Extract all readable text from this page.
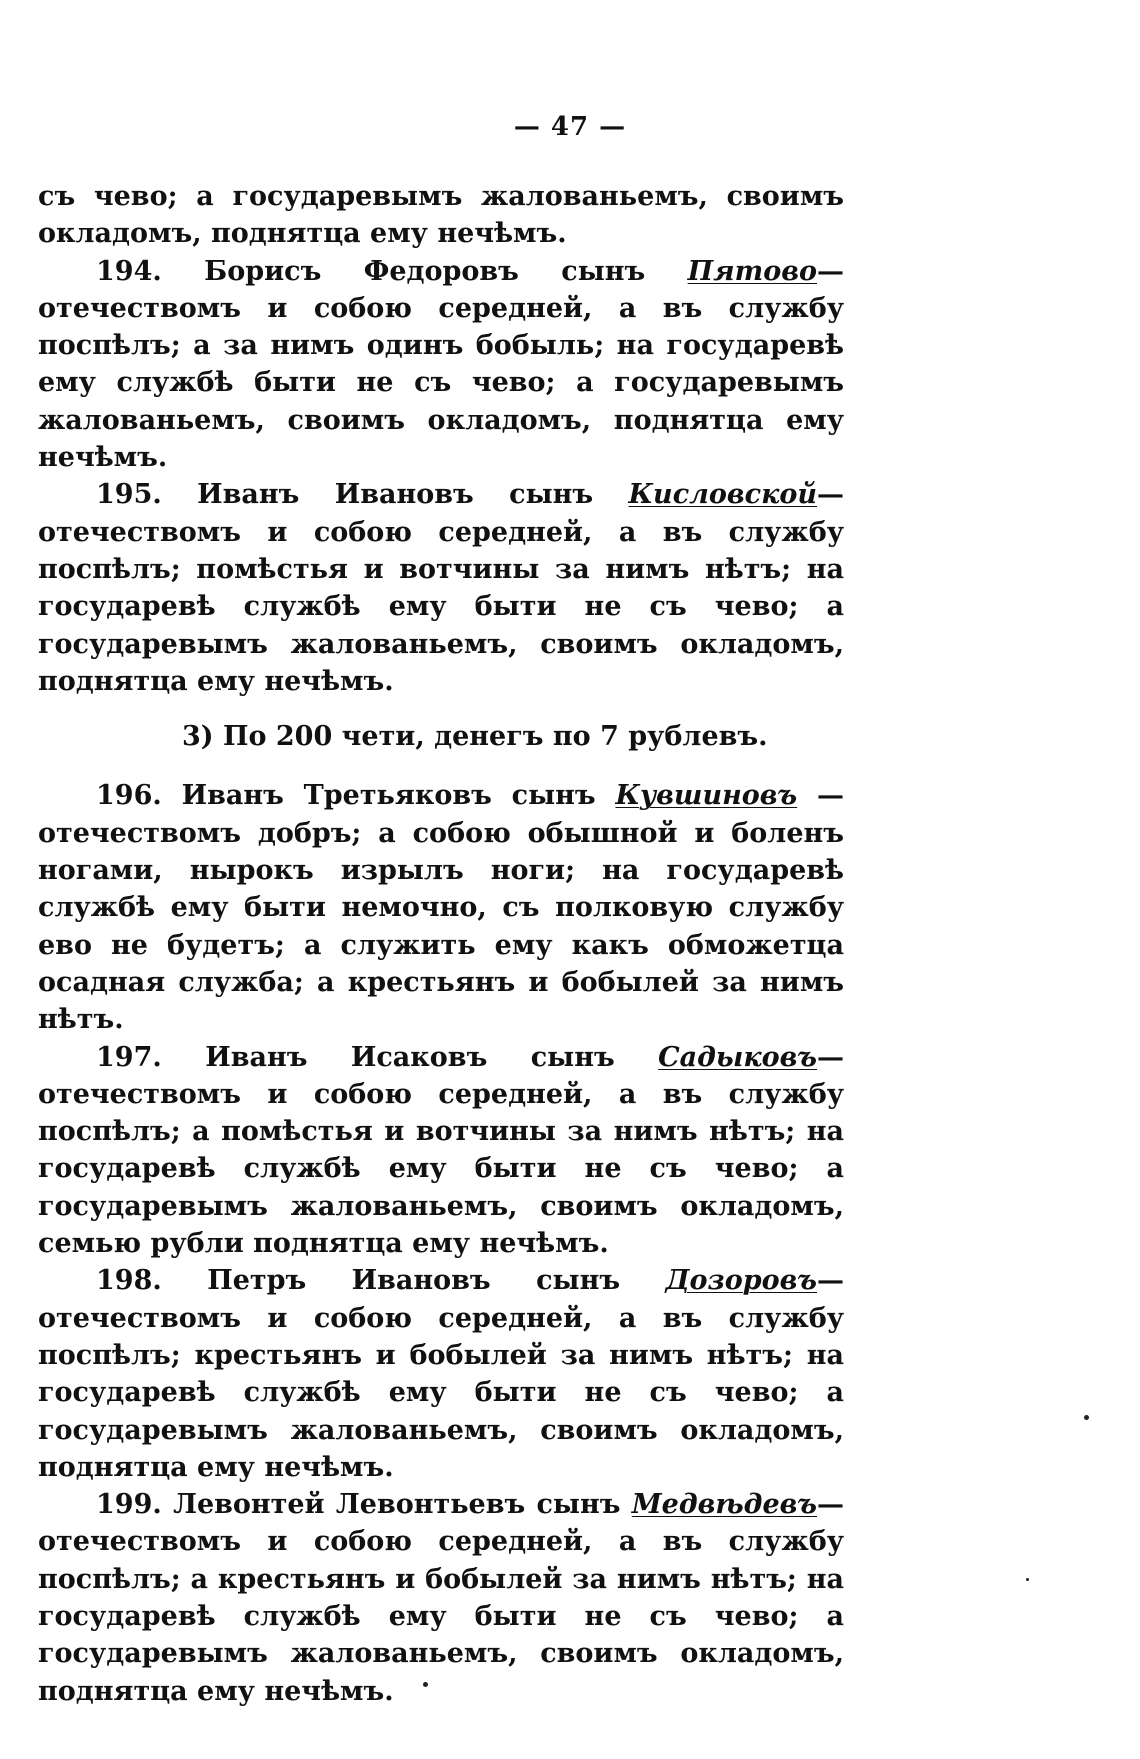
— 47 —

съ чево; а государевымъ жалованьемъ, своимъ окладомъ, поднятца ему нечѣмъ.

194. Борисъ Федоровъ сынъ Пятово—отечествомъ и собою середней, а въ службу поспѣлъ; а за нимъ одинъ бобыль; на государевѣ ему службѣ быти не съ чево; а государевымъ жалованьемъ, своимъ окладомъ, поднятца ему нечѣмъ.

195. Иванъ Ивановъ сынъ Кисловской—отечествомъ и собою середней, а въ службу поспѣлъ; помѣстья и вотчины за нимъ нѣтъ; на государевѣ службѣ ему быти не съ чево; а государевымъ жалованьемъ, своимъ окладомъ, поднятца ему нечѣмъ.

3) По 200 чети, денегъ по 7 рублевъ.

196. Иванъ Третьяковъ сынъ Кувшиновъ —отечествомъ добръ; а собою обышной и боленъ ногами, нырокъ изрылъ ноги; на государевѣ службѣ ему быти немочно, съ полковую службу ево не будетъ; а служить ему какъ обможетца осадная служба; а крестьянъ и бобылей за нимъ нѣтъ.

197. Иванъ Исаковъ сынъ Садыковъ—отечествомъ и собою середней, а въ службу поспѣлъ; а помѣстья и вотчины за нимъ нѣтъ; на государевѣ службѣ ему быти не съ чево; а государевымъ жалованьемъ, своимъ окладомъ, семью рубли поднятца ему нечѣмъ.

198. Петръ Ивановъ сынъ Дозоровъ—отечествомъ и собою середней, а въ службу поспѣлъ; крестьянъ и бобылей за нимъ нѣтъ; на государевѣ службѣ ему быти не съ чево; а государевымъ жалованьемъ, своимъ окладомъ, поднятца ему нечѣмъ.

199. Левонтей Левонтьевъ сынъ Медвѣдевъ—отечествомъ и собою середней, а въ службу поспѣлъ; а крестьянъ и бобылей за нимъ нѣтъ; на государевѣ службѣ ему быти не съ чево; а государевымъ жалованьемъ, своимъ окладомъ, поднятца ему нечѣмъ.
